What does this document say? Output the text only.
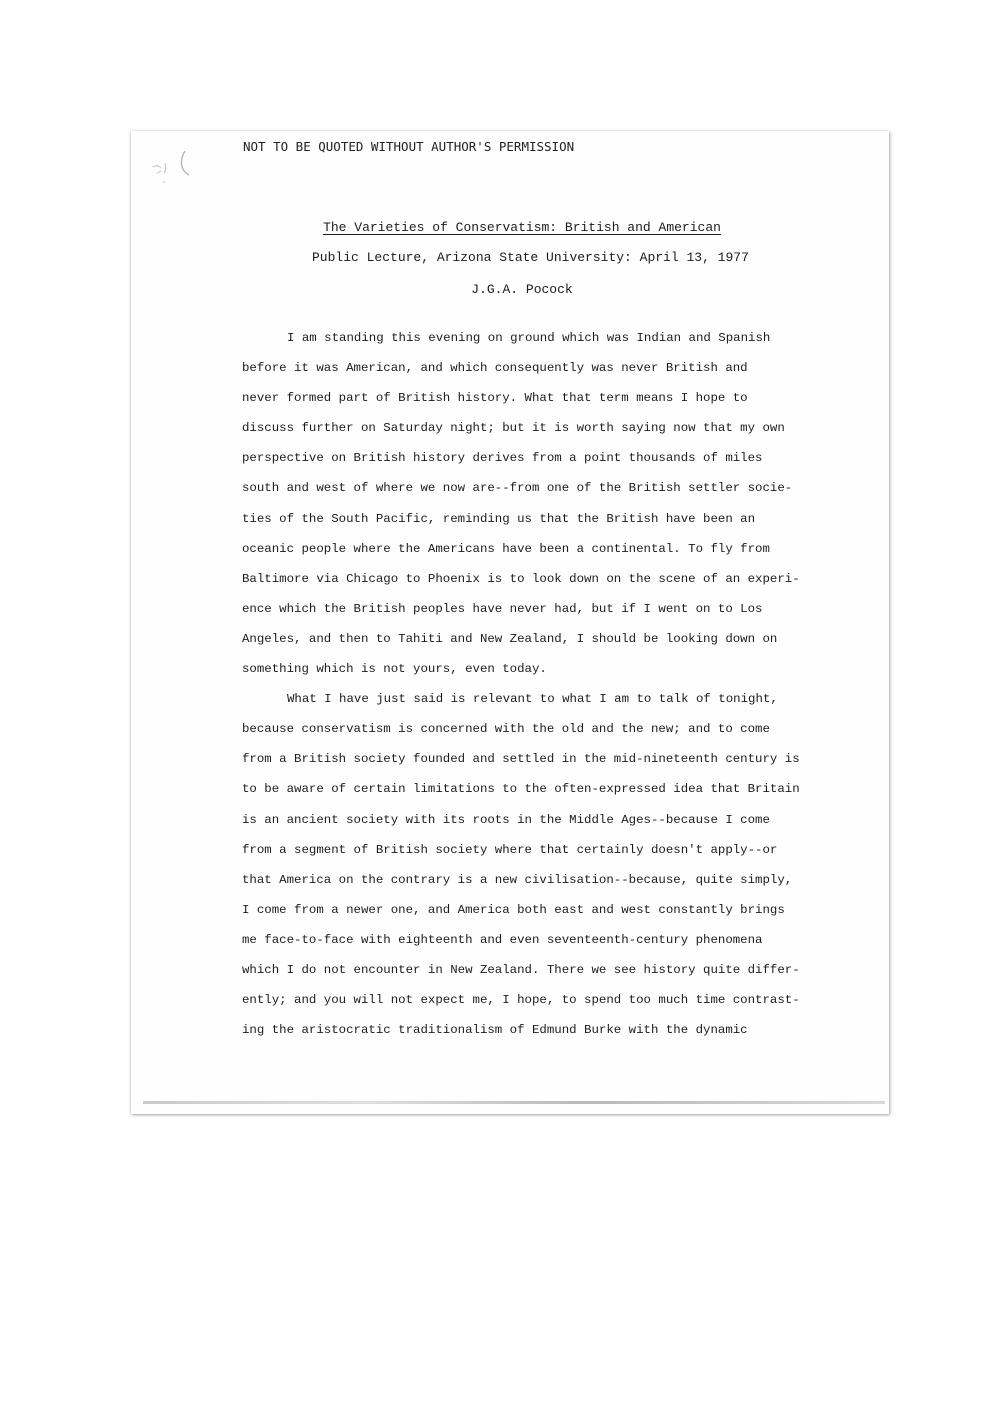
NOT TO BE QUOTED WITHOUT AUTHOR'S PERMISSION
The Varieties of Conservatism: British and American
Public Lecture, Arizona State University: April 13, 1977
J.G.A. Pocock
I am standing this evening on ground which was Indian and Spanish
before it was American, and which consequently was never British and
never formed part of British history. What that term means I hope to
discuss further on Saturday night; but it is worth saying now that my own
perspective on British history derives from a point thousands of miles
south and west of where we now are--from one of the British settler socie-
ties of the South Pacific, reminding us that the British have been an
oceanic people where the Americans have been a continental. To fly from
Baltimore via Chicago to Phoenix is to look down on the scene of an experi-
ence which the British peoples have never had, but if I went on to Los
Angeles, and then to Tahiti and New Zealand, I should be looking down on
something which is not yours, even today.
What I have just said is relevant to what I am to talk of tonight,
because conservatism is concerned with the old and the new; and to come
from a British society founded and settled in the mid-nineteenth century is
to be aware of certain limitations to the often-expressed idea that Britain
is an ancient society with its roots in the Middle Ages--because I come
from a segment of British society where that certainly doesn't apply--or
that America on the contrary is a new civilisation--because, quite simply,
I come from a newer one, and America both east and west constantly brings
me face-to-face with eighteenth and even seventeenth-century phenomena
which I do not encounter in New Zealand. There we see history quite differ-
ently; and you will not expect me, I hope, to spend too much time contrast-
ing the aristocratic traditionalism of Edmund Burke with the dynamic
